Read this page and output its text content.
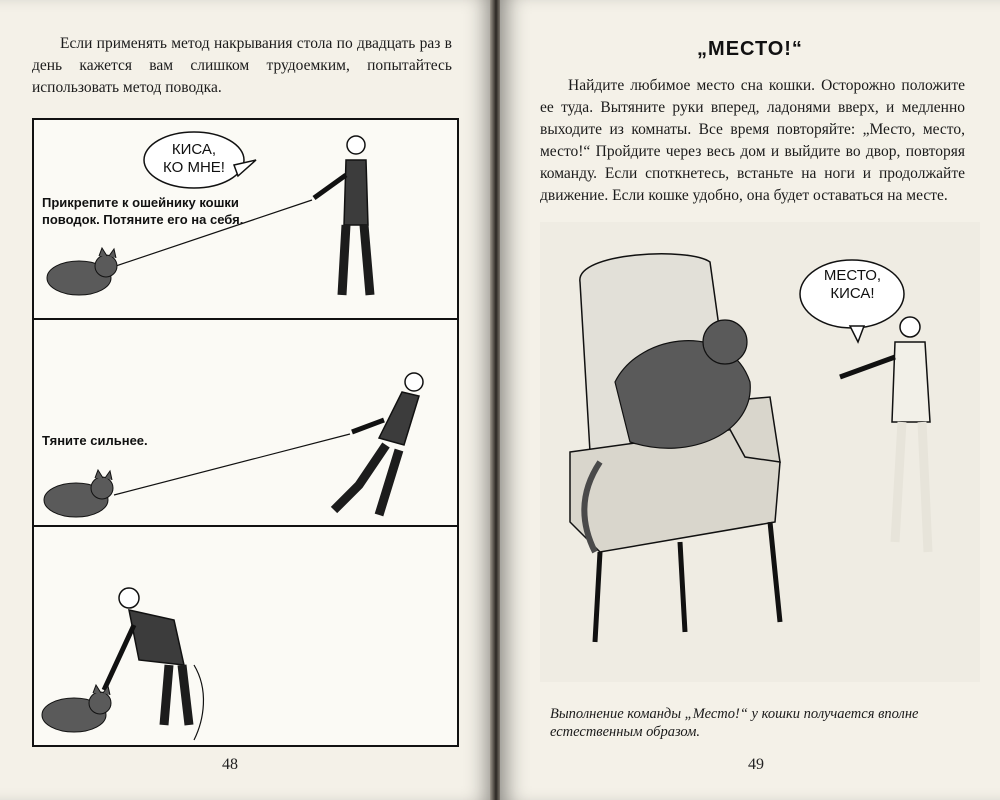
Если применять метод накрывания стола по двадцать раз в день кажется вам слишком трудоемким, попытайтесь использовать метод поводка.
КИСА,
КО МНЕ!
Прикрепите к ошейнику кошки поводок. Потяните его на себя.
Тяните сильнее.
48
„МЕСТО!“
Найдите любимое место сна кошки. Осторожно положите ее туда. Вытяните руки вперед, ладонями вверх, и медленно выходите из комнаты. Все время повторяйте: „Место, место, место!“ Пройдите через весь дом и выйдите во двор, повторяя команду. Если споткнетесь, встаньте на ноги и продолжайте движение. Если кошке удобно, она будет оставаться на месте.
МЕСТО,
КИСА!
Выполнение команды „Место!“ у кошки получается вполне естественным образом.
49
